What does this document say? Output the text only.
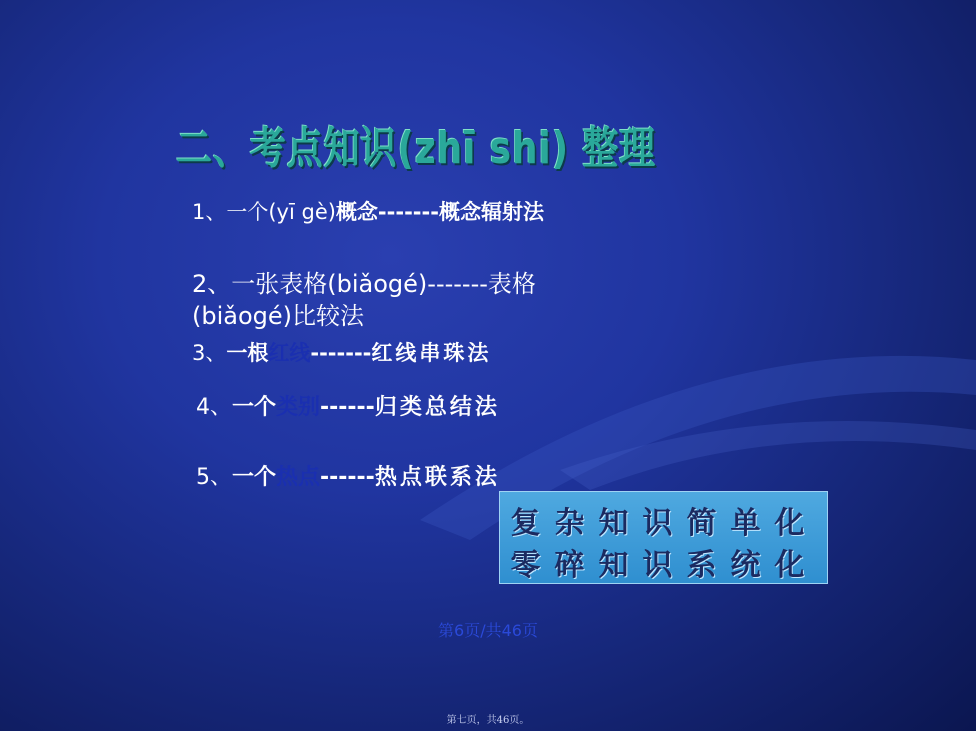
二、考点知识(zhī shi) 整理
1、一个(yī gè)概念-------概念辐射法
2、一张表格(biǎogé)-------表格
(biǎogé)比较法
3、一根红线-------红线串珠法
4、一个类别------归类总结法
5、一个热点------热点联系法
复杂知识简单化
零碎知识系统化
第6页/共46页
第七页，共46页。
